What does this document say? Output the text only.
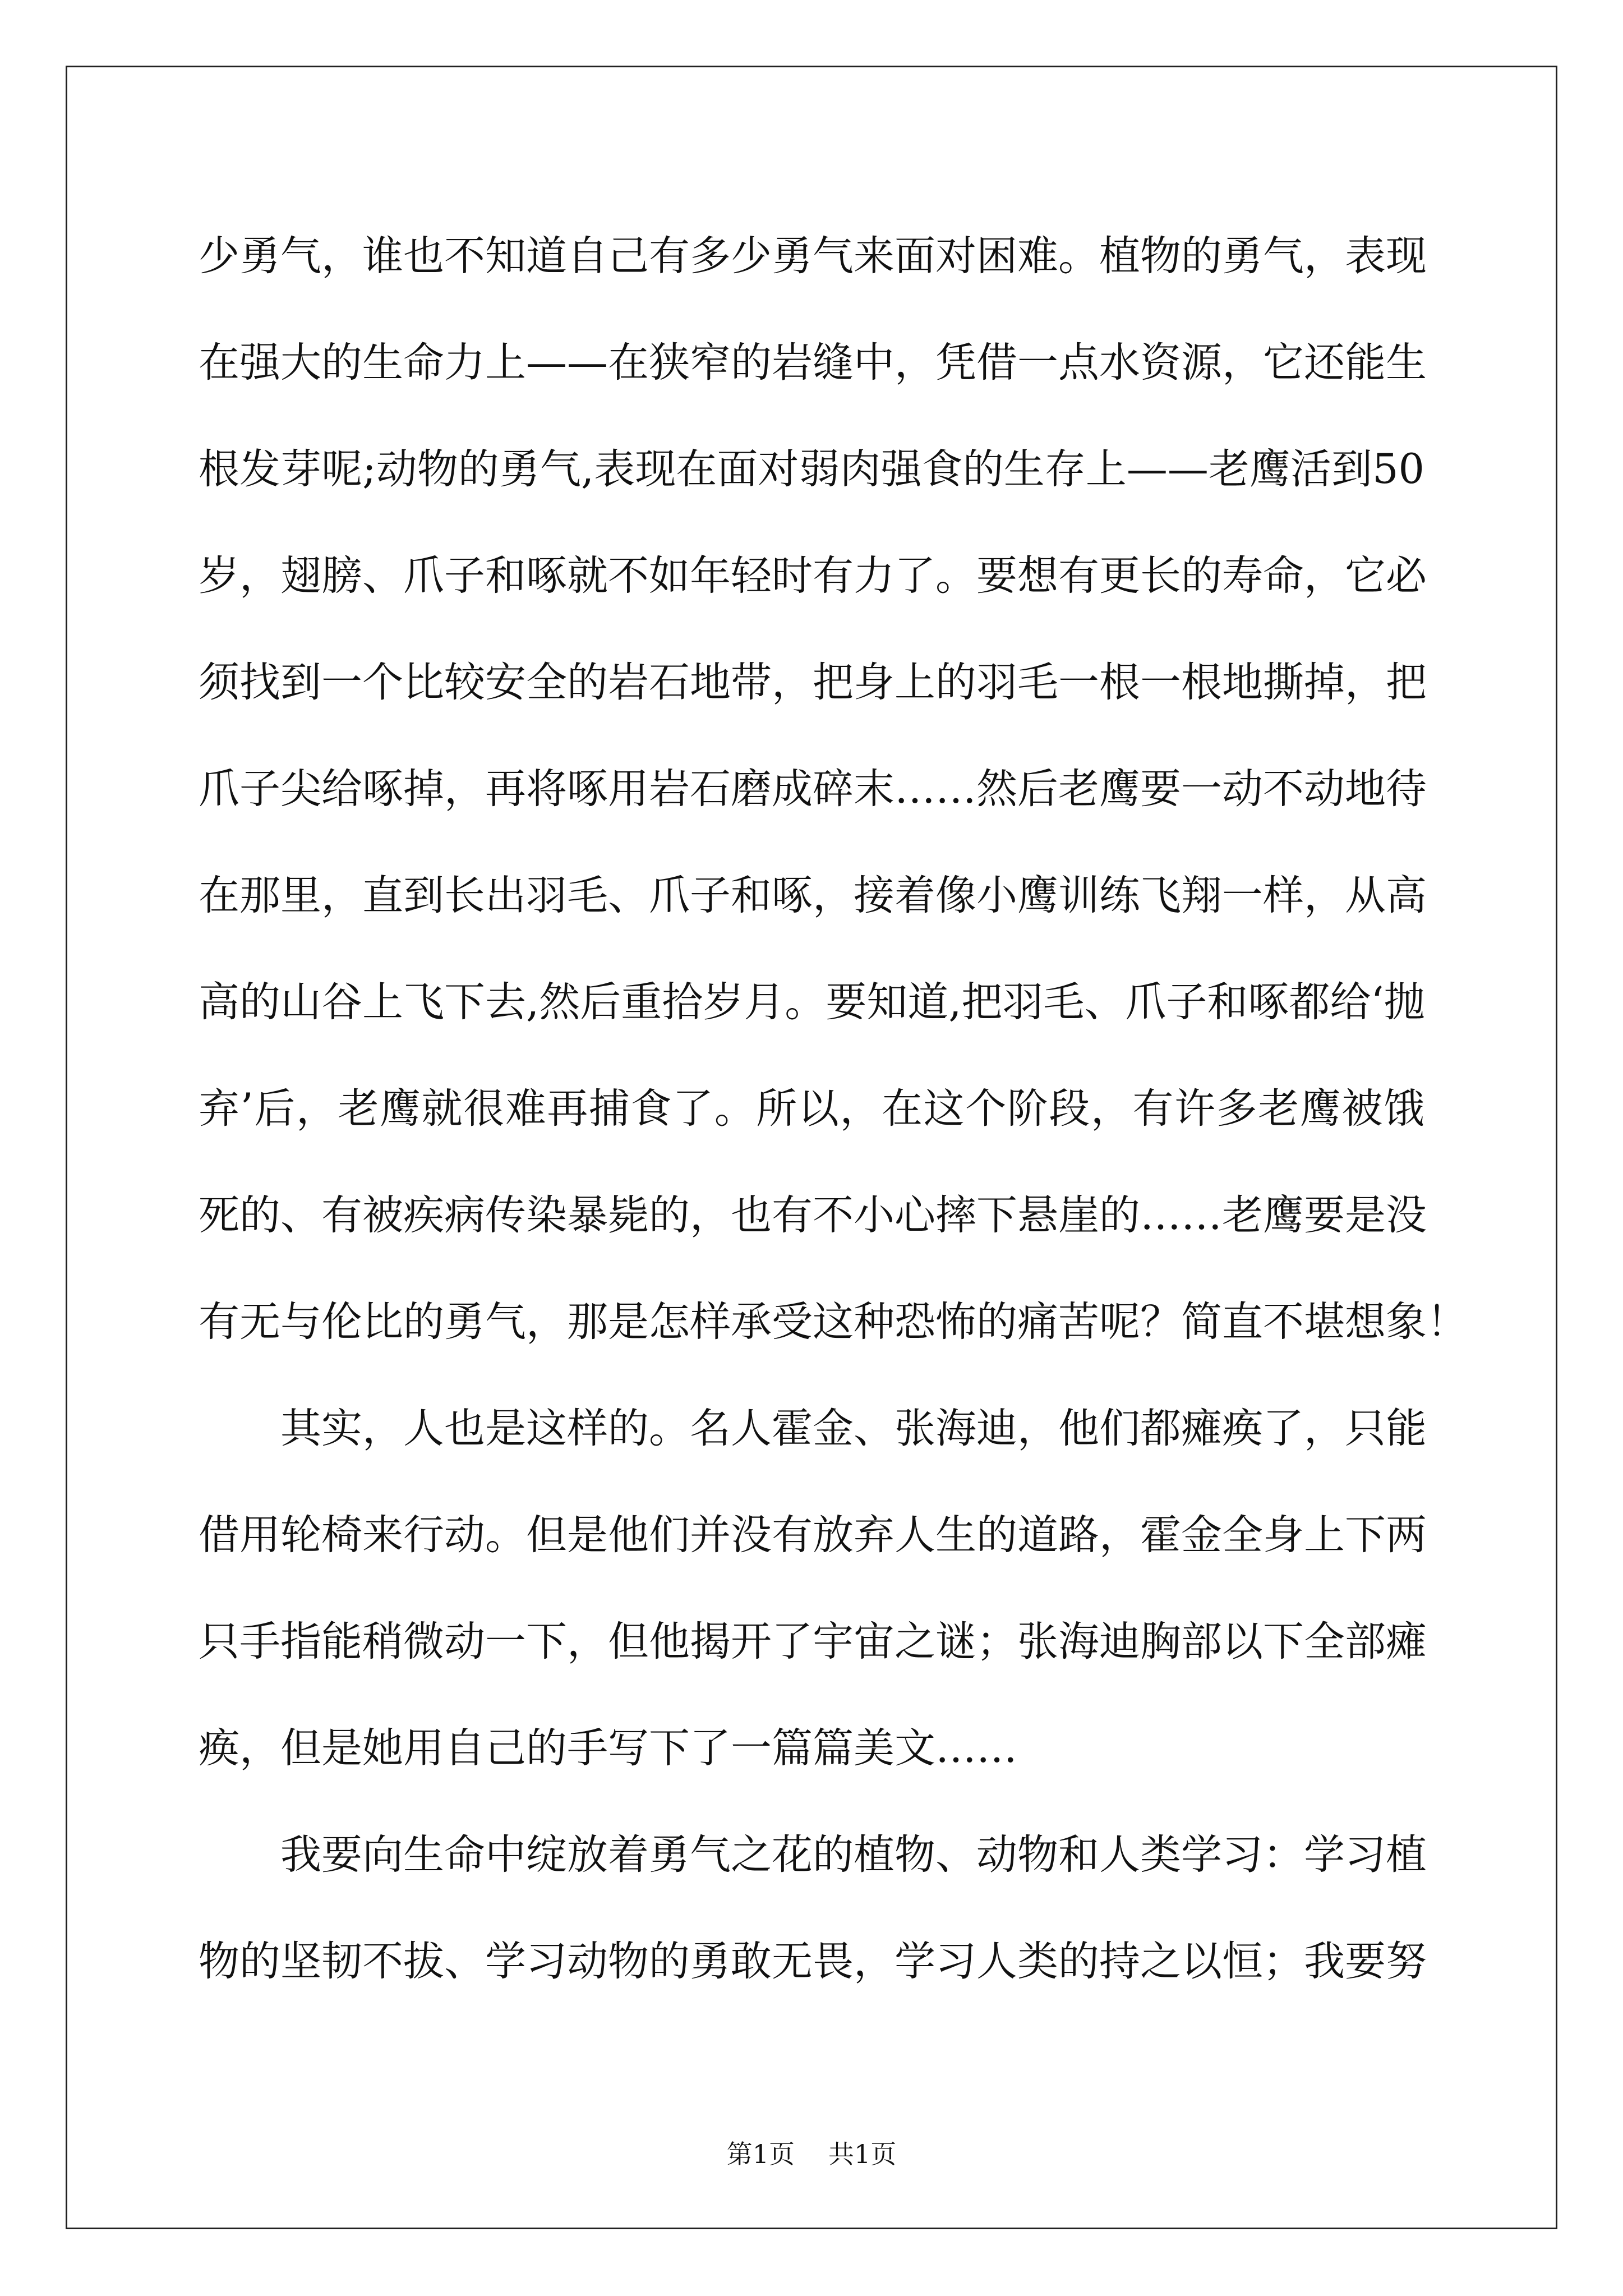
少勇气，谁也不知道自己有多少勇气来面对困难。植物的勇气，表现
在强大的生命力上——在狭窄的岩缝中，凭借一点水资源，它还能生
根发芽呢;动物的勇气,表现在面对弱肉强食的生存上——老鹰活到50
岁，翅膀、爪子和啄就不如年轻时有力了。要想有更长的寿命，它必
须找到一个比较安全的岩石地带，把身上的羽毛一根一根地撕掉，把
爪子尖给啄掉，再将啄用岩石磨成碎末……然后老鹰要一动不动地待
在那里，直到长出羽毛、爪子和啄，接着像小鹰训练飞翔一样，从高
高的山谷上飞下去,然后重拾岁月。要知道,把羽毛、爪子和啄都给‘抛
弃’后，老鹰就很难再捕食了。所以，在这个阶段，有许多老鹰被饿
死的、有被疾病传染暴毙的，也有不小心摔下悬崖的……老鹰要是没
有无与伦比的勇气，那是怎样承受这种恐怖的痛苦呢？简直不堪想象！
其实，人也是这样的。名人霍金、张海迪，他们都瘫痪了，只能
借用轮椅来行动。但是他们并没有放弃人生的道路，霍金全身上下两
只手指能稍微动一下，但他揭开了宇宙之谜；张海迪胸部以下全部瘫
痪，但是她用自己的手写下了一篇篇美文……
我要向生命中绽放着勇气之花的植物、动物和人类学习：学习植
物的坚韧不拔、学习动物的勇敢无畏，学习人类的持之以恒；我要努
第1页 共1页
